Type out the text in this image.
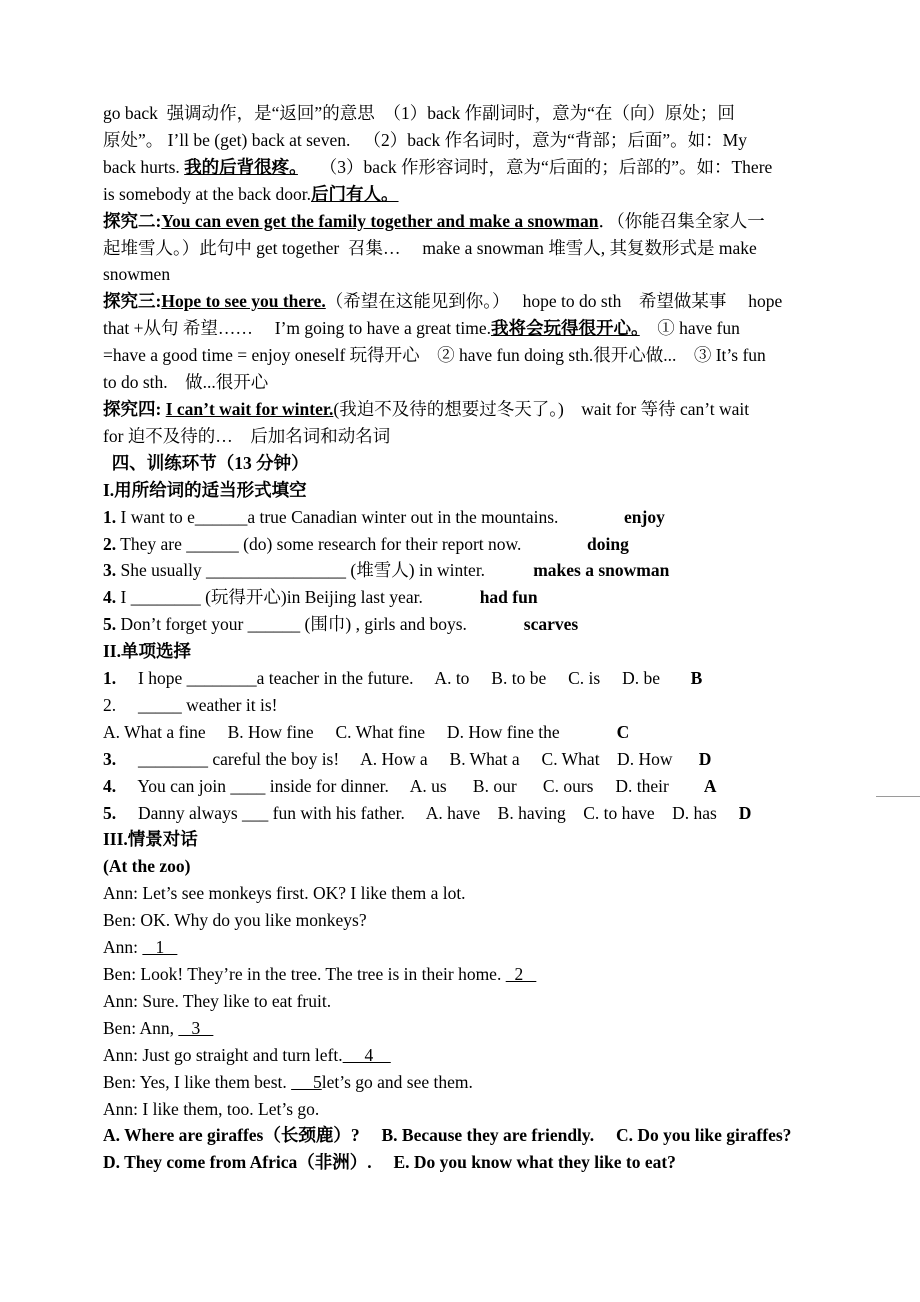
go back  强调动作，是“返回”的意思　（1）back 作副词时，意为“在（向）原处；回
原处”。 I’ll be (get) back at seven.   （2）back 作名词时，意为“背部；后面”。如：My
back hurts. 我的后背很疼。　 （3）back 作形容词时，意为“后面的；后部的”。如：There
is somebody at the back door.后门有人。
探究二:You can even get the family together and make a snowman．（你能召集全家人一
起堆雪人。）此句中 get together  召集…　 make a snowman 堆雪人, 其复数形式是 make
snowmen
探究三:Hope to see you there.（希望在这能见到你。）　 hope to do sth　希望做某事　 hope
that +从句 希望……　 I’m going to have a great time.我将会玩得很开心。　① have fun
=have a good time = enjoy oneself 玩得开心　② have fun doing sth.很开心做...　③ It’s fun
to do sth.　做...很开心
探究四: I can’t wait for winter.(我迫不及待的想要过冬天了。)　wait for 等待 can’t wait
for 迫不及待的…　后加名词和动名词
四、训练环节（13 分钟）
I.用所给词的适当形式填空
1. I want to e______a true Canadian winter out in the mountains.	enjoy
2. They are ______ (do) some research for their report now.	doing
3. She usually ________________ (堆雪人) in winter.	makes a snowman
4. I ________ (玩得开心)in Beijing last year.	had fun
5. Don’t forget your ______ (围巾) , girls and boys.	scarves
II.单项选择
1.　 I hope ________a teacher in the future.　 A. to　 B. to be　 C. is　 D. be　   B
2.　 _____ weather it is!
A. What a fine　 B. How fine　 C. What fine　 D. How fine the	C
3.　 ________ careful the boy is!　 A. How a　 B. What a　 C. What　D. How D
4.　 You can join ____ inside for dinner.　 A. us　  B. our　  C. ours　 D. their A
5.　 Danny always ___ fun with his father.　 A. have　B. having　C. to have　D. has D
III.情景对话
(At the zoo)
Ann: Let’s see monkeys first. OK? I like them a lot.
Ben: OK. Why do you like monkeys?
Ann:    1
Ben: Look! They’re in the tree. The tree is in their home.   2
Ann: Sure. They like to eat fruit.
Ben: Ann,    3
Ann: Just go straight and turn left.     4
Ben: Yes, I like them best.      5let’s go and see them.
Ann: I like them, too. Let’s go.
A. Where are giraffes（长颈鹿）?　 B. Because they are friendly.　 C. Do you like giraffes?
D. They come from Africa（非洲）.　 E. Do you know what they like to eat?
